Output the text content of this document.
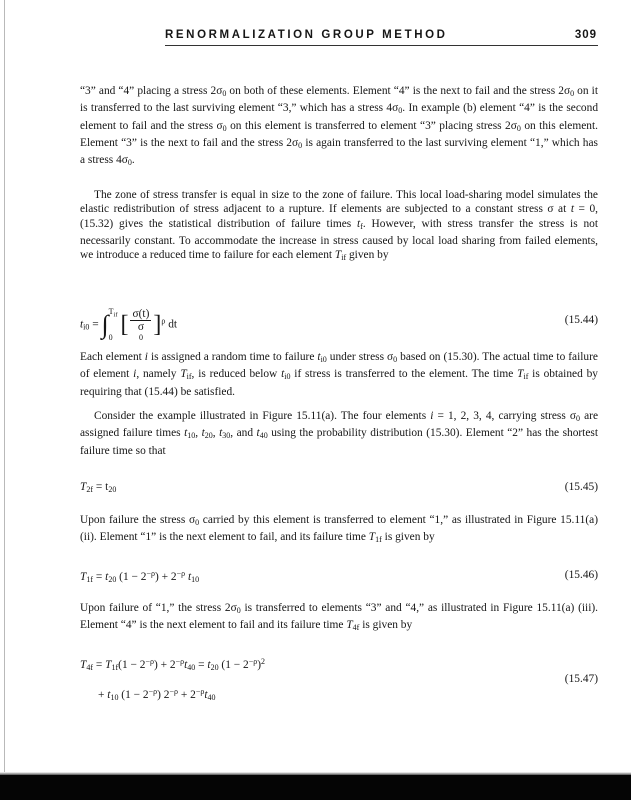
RENORMALIZATION GROUP METHOD	309

“3” and “4” placing a stress 2σ0 on both of these elements. Element “4” is the next to fail and the stress 2σ0 on it is transferred to the last surviving element “3,” which has a stress 4σ0. In example (b) element “4” is the second element to fail and the stress σ0 on this element is transferred to element “3” placing stress 2σ0 on this element. Element “3” is the next to fail and the stress 2σ0 is again transferred to the last surviving element “1,” which has a stress 4σ0.

The zone of stress transfer is equal in size to the zone of failure. This local load-sharing model simulates the elastic redistribution of stress adjacent to a rupture. If elements are subjected to a constant stress σ at t = 0, (15.32) gives the statistical distribution of failure times tf. However, with stress transfer the stress is not necessarily constant. To accommodate the increase in stress caused by local load sharing from failed elements, we introduce a reduced time to failure for each element Tif given by

ti0 = ∫ $T_{if}$
0 [ σ(t)
σ
0 ]$^\rho$ dt	(15.44)

Each element i is assigned a random time to failure ti0 under stress σ0 based on (15.30). The actual time to failure of element i, namely Tif, is reduced below ti0 if stress is transferred to the element. The time Tif is obtained by requiring that (15.44) be satisfied.

Consider the example illustrated in Figure 15.11(a). The four elements i = 1, 2, 3, 4, carrying stress σ0 are assigned failure times t10, t20, t30, and t40 using the probability distribution (15.30). Element “2” has the shortest failure time so that

T2f = t20	(15.45)

Upon failure the stress σ0 carried by this element is transferred to element “1,” as illustrated in Figure 15.11(a) (ii). Element “1” is the next element to fail, and its failure time T1f is given by

T1f = t20 $(1 - 2^{-\rho}) + 2^{-\rho}$ t10	(15.46)

Upon failure of “1,” the stress 2σ0 is transferred to elements “3” and “4,” as illustrated in Figure 15.11(a) (iii). Element “4” is the next element to fail and its failure time T4f is given by

$T4f = T1f(1 - 2^{-\rho}) + 2^{-\rho}t40 = t20$ $(1 - 2^{-\rho})^2$
+ t10 $(1 - 2^{-\rho})$ $2^{-\rho} + 2^{-\rho}t40$
(15.47)
